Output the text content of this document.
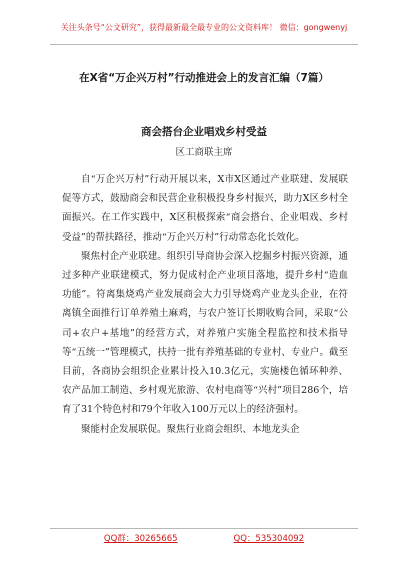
关注头条号“公文研究”，获得最新最全最专业的公文资料库！ 微信：gongwenyj
在X省“万企兴万村”行动推进会上的发言汇编（7篇）
商会搭台企业唱戏乡村受益
区工商联主席

自“万企兴万村”行动开展以来，X市X区通过产业联建、发展联促等方式，鼓励商会和民营企业积极投身乡村振兴，助力X区乡村全面振兴。在工作实践中，X区积极探索“商会搭台、企业唱戏、乡村受益”的帮扶路径，推动“万企兴万村”行动常态化长效化。

聚焦村企产业联建。组织引导商协会深入挖掘乡村振兴资源，通过多种产业联建模式，努力促成村企产业项目落地，提升乡村“造血功能”。符离集烧鸡产业发展商会大力引导烧鸡产业龙头企业，在符离镇全面推行订单养殖土麻鸡，与农户签订长期收购合同，采取“公司+农户+基地”的经营方式，对养殖户实施全程监控和技术指导等“五统一”管理模式，扶持一批有养殖基础的专业村、专业户。截至目前，各商协会组织企业累计投入10.3亿元，实施楼色循环种养、农产品加工制造、乡村观光旅游、农村电商等“兴村”项目286个，培育了31个特色村和79个年收入100万元以上的经济强村。

聚能村企发展联促。聚焦行业商会组织、本地龙头企

QQ群：30265665	QQ：535304092
